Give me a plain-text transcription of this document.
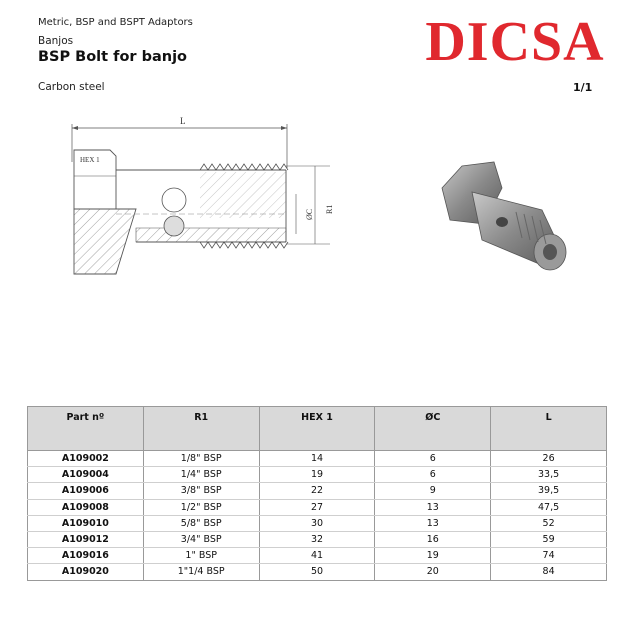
Metric, BSP and BSPT Adaptors
Banjos
BSP Bolt for banjo
Carbon steel	1/1
DICSA
L
HEX 1
ØC R1
Part nº	R1	HEX 1	ØC	L
A109002	1/8" BSP	14	6	26
A109004	1/4" BSP	19	6	33,5
A109006	3/8" BSP	22	9	39,5
A109008	1/2" BSP	27	13	47,5
A109010	5/8" BSP	30	13	52
A109012	3/4" BSP	32	16	59
A109016	1" BSP	41	19	74
A109020	1"1/4 BSP	50	20	84
